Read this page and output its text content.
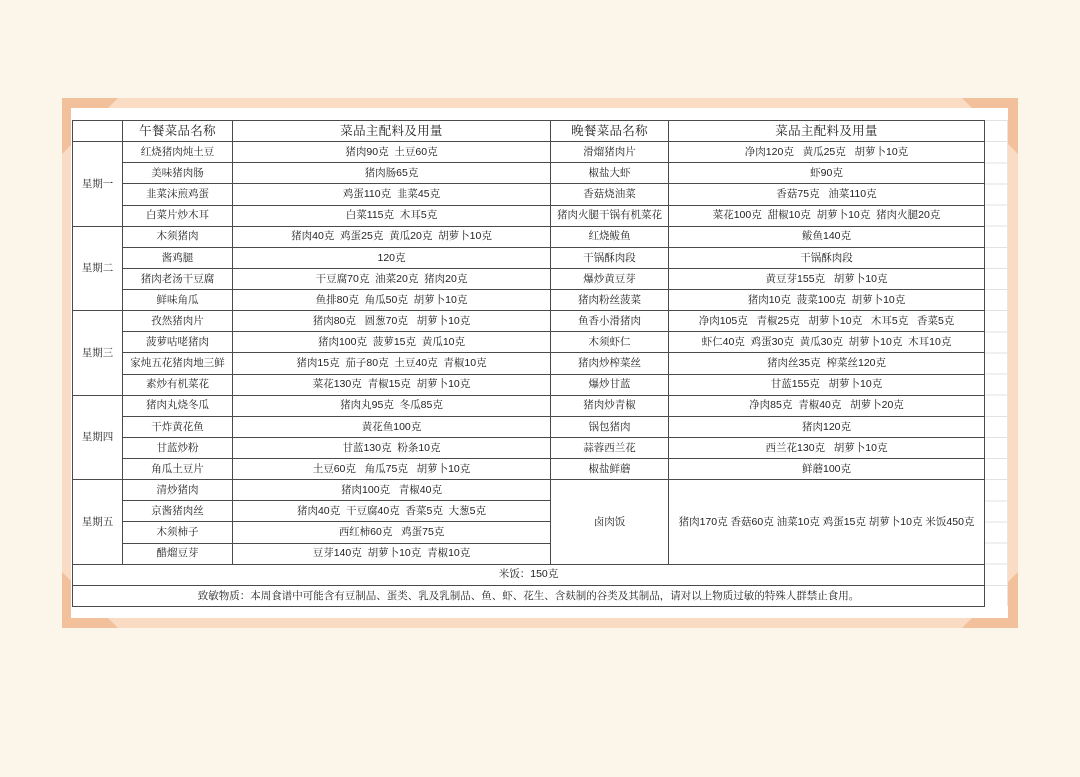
	午餐菜品名称	菜品主配料及用量	晚餐菜品名称	菜品主配料及用量
星期一	红烧猪肉炖土豆	猪肉90克  土豆60克	滑熘猪肉片	净肉120克   黄瓜25克   胡萝卜10克
	美味猪肉肠	猪肉肠65克	椒盐大虾	虾90克
	韭菜沫煎鸡蛋	鸡蛋110克  韭菜45克	香菇烧油菜	香菇75克   油菜110克
	白菜片炒木耳	白菜115克  木耳5克	猪肉火腿干锅有机菜花	菜花100克  甜椒10克  胡萝卜10克  猪肉火腿20克
星期二	木须猪肉	猪肉40克  鸡蛋25克  黄瓜20克  胡萝卜10克	红烧鲅鱼	鲅鱼140克
	酱鸡腿	120克	干锅酥肉段	干锅酥肉段
	猪肉老汤干豆腐	干豆腐70克  油菜20克  猪肉20克	爆炒黄豆芽	黄豆芽155克   胡萝卜10克
	鲜味角瓜	鱼排80克  角瓜50克  胡萝卜10克	猪肉粉丝菠菜	猪肉10克  菠菜100克  胡萝卜10克
星期三	孜然猪肉片	猪肉80克   圆葱70克   胡萝卜10克	鱼香小滑猪肉	净肉105克   青椒25克   胡萝卜10克   木耳5克   香菜5克
	菠萝咕咾猪肉	猪肉100克  菠萝15克  黄瓜10克	木须虾仁	虾仁40克  鸡蛋30克  黄瓜30克  胡萝卜10克  木耳10克
	家炖五花猪肉地三鲜	猪肉15克  茄子80克  土豆40克  青椒10克	猪肉炒榨菜丝	猪肉丝35克  榨菜丝120克
	素炒有机菜花	菜花130克  青椒15克  胡萝卜10克	爆炒甘蓝	甘蓝155克   胡萝卜10克
星期四	猪肉丸烧冬瓜	猪肉丸95克  冬瓜85克	猪肉炒青椒	净肉85克  青椒40克   胡萝卜20克
	干炸黄花鱼	黄花鱼100克	锅包猪肉	猪肉120克
	甘蓝炒粉	甘蓝130克  粉条10克	蒜蓉西兰花	西兰花130克   胡萝卜10克
	角瓜土豆片	土豆60克   角瓜75克   胡萝卜10克	椒盐鲜蘑	鲜蘑100克
星期五	清炒猪肉	猪肉100克   青椒40克	卤肉饭	猪肉170克 香菇60克 油菜10克 鸡蛋15克 胡萝卜10克 米饭450克
	京酱猪肉丝	猪肉40克  干豆腐40克  香菜5克  大葱5克		
	木须柿子	西红柿60克   鸡蛋75克		
	醋熘豆芽	豆芽140克  胡萝卜10克  青椒10克		
米饭：150克				
致敏物质：本周食谱中可能含有豆制品、蛋类、乳及乳制品、鱼、虾、花生、含麸制的谷类及其制品，请对以上物质过敏的特殊人群禁止食用。				
